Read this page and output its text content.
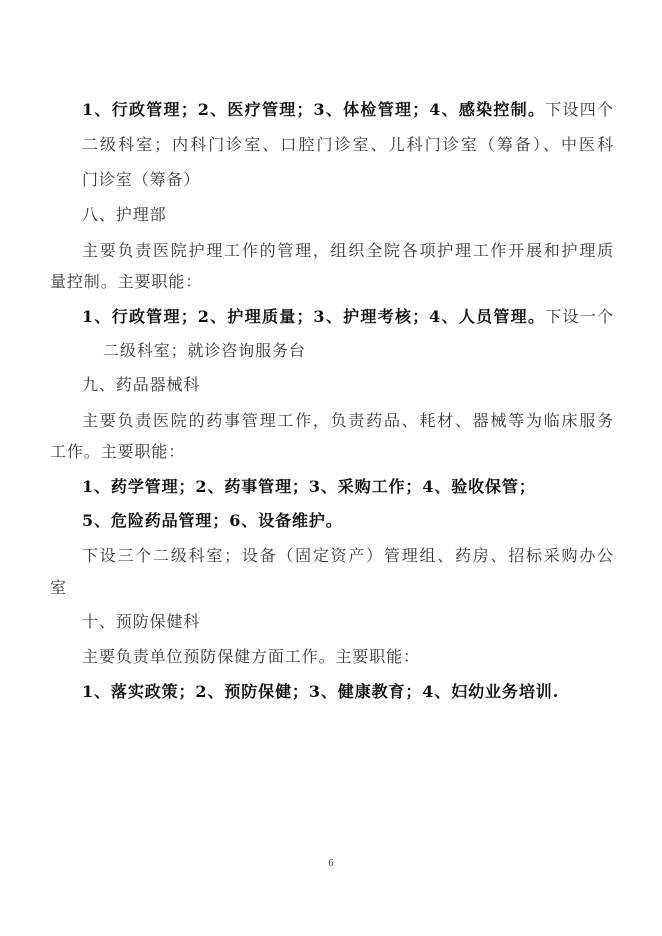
1、行政管理；2、医疗管理；3、体检管理；4、感染控制。下设四个
二级科室；内科门诊室、口腔门诊室、儿科门诊室（筹备）、中医科
门诊室（筹备）
八、护理部
主要负责医院护理工作的管理，组织全院各项护理工作开展和护理质
量控制。主要职能：
1、行政管理；2、护理质量；3、护理考核；4、人员管理。下设一个
二级科室；就诊咨询服务台
九、药品器械科
主要负责医院的药事管理工作，负责药品、耗材、器械等为临床服务
工作。主要职能：
1、药学管理；2、药事管理；3、采购工作；4、验收保管；
5、危险药品管理；6、设备维护。
下设三个二级科室；设备（固定资产）管理组、药房、招标采购办公
室
十、预防保健科
主要负责单位预防保健方面工作。主要职能：
1、落实政策；2、预防保健；3、健康教育；4、妇幼业务培训.
6
